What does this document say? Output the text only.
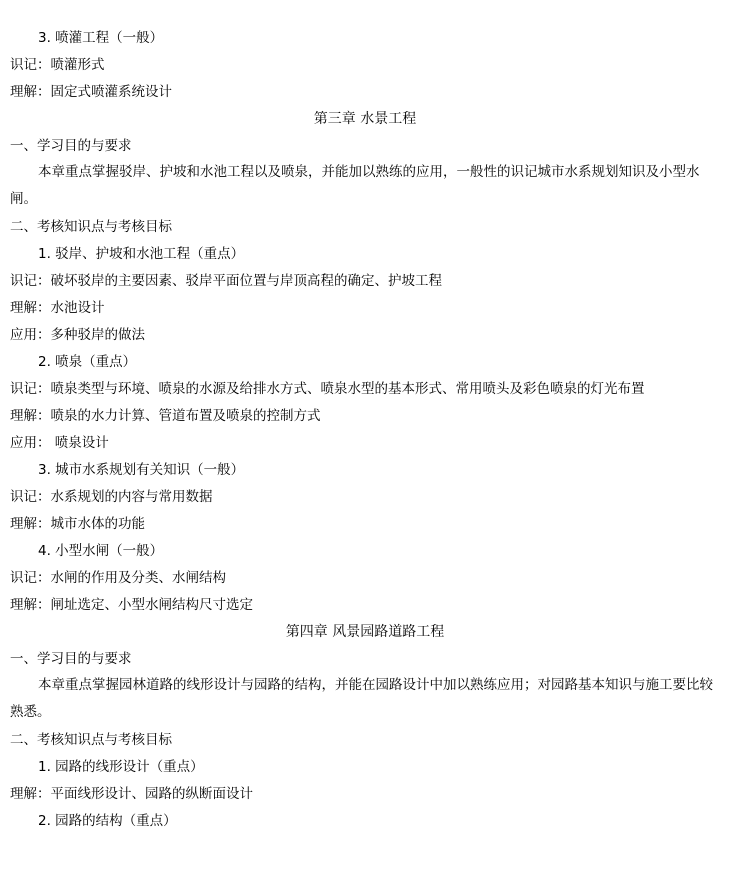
3. 喷灌工程（一般）
识记：喷灌形式
理解：固定式喷灌系统设计
第三章 水景工程
一、学习目的与要求
本章重点掌握驳岸、护坡和水池工程以及喷泉，并能加以熟练的应用，一般性的识记城市水系规划知识及小型水闸。
二、考核知识点与考核目标
1. 驳岸、护坡和水池工程（重点）
识记：破坏驳岸的主要因素、驳岸平面位置与岸顶高程的确定、护坡工程
理解：水池设计
应用：多种驳岸的做法
2. 喷泉（重点）
识记：喷泉类型与环境、喷泉的水源及给排水方式、喷泉水型的基本形式、常用喷头及彩色喷泉的灯光布置
理解：喷泉的水力计算、管道布置及喷泉的控制方式
应用： 喷泉设计
3. 城市水系规划有关知识（一般）
识记：水系规划的内容与常用数据
理解：城市水体的功能
4. 小型水闸（一般）
识记：水闸的作用及分类、水闸结构
理解：闸址选定、小型水闸结构尺寸选定
第四章 风景园路道路工程
一、学习目的与要求
本章重点掌握园林道路的线形设计与园路的结构，并能在园路设计中加以熟练应用；对园路基本知识与施工要比较熟悉。
二、考核知识点与考核目标
1. 园路的线形设计（重点）
理解：平面线形设计、园路的纵断面设计
2. 园路的结构（重点）
